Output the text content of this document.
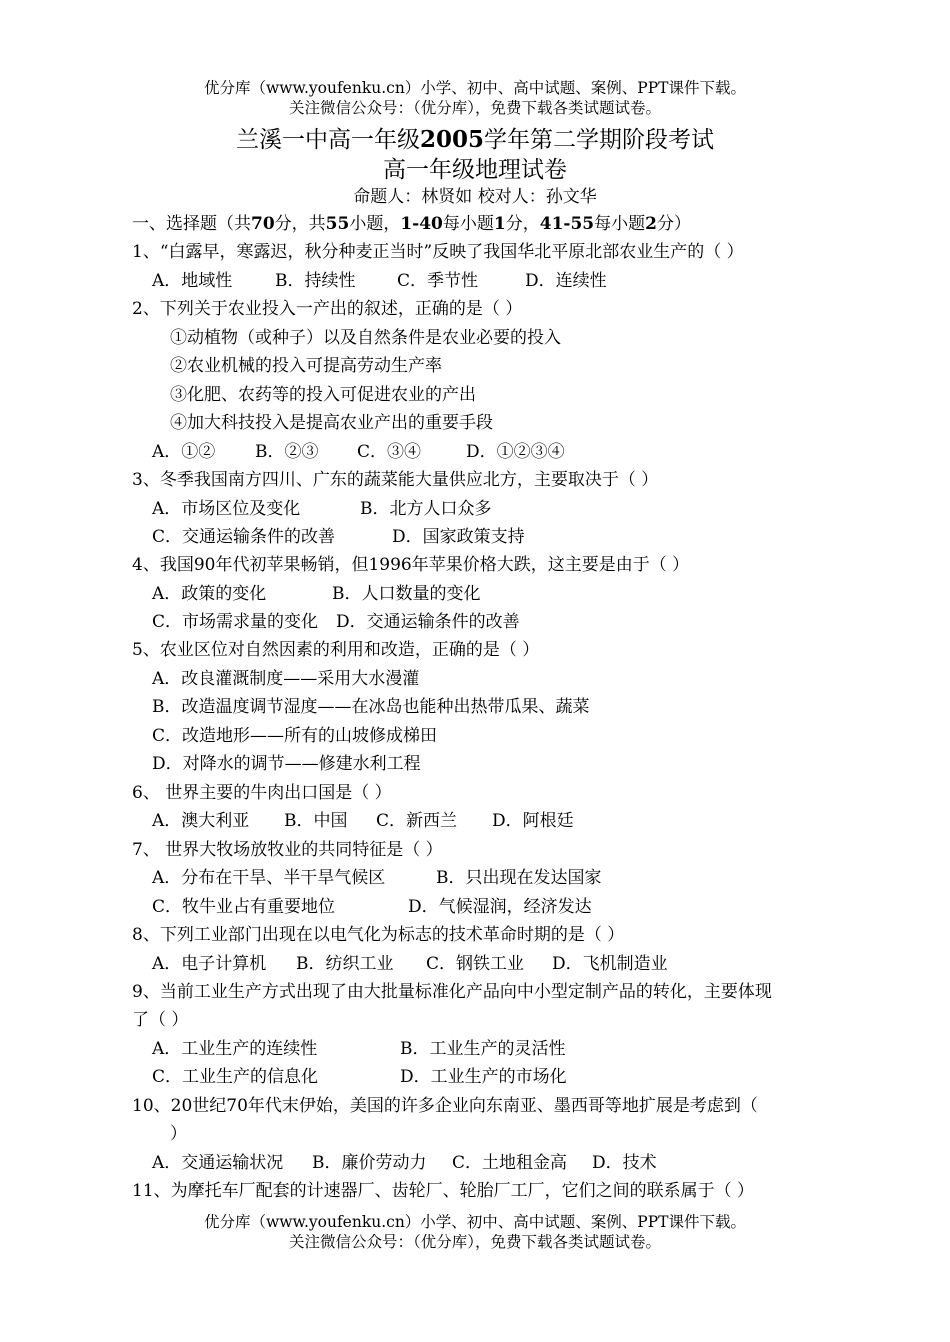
优分库（www.youfenku.cn）小学、初中、高中试题、案例、PPT课件下载。
关注微信公众号：（优分库），免费下载各类试题试卷。
兰溪一中高一年级2005学年第二学期阶段考试
高一年级地理试卷
命题人：林贤如 校对人：孙文华
一、选择题（共70分，共55小题，1-40每小题1分，41-55每小题2分）
1、“白露早，寒露迟，秋分种麦正当时”反映了我国华北平原北部农业生产的（ ）
A．地域性	B．持续性 C．季节性	D．连续性
2、下列关于农业投入一产出的叙述，正确的是（ ）
①动植物（或种子）以及自然条件是农业必要的投入
②农业机械的投入可提高劳动生产率
③化肥、农药等的投入可促进农业的产出
④加大科技投入是提高农业产出的重要手段
A．①② B．②③ C．③④	D．①②③④
3、冬季我国南方四川、广东的蔬菜能大量供应北方，主要取决于（ ）
A．市场区位及变化	B．北方人口众多
C．交通运输条件的改善	D．国家政策支持
4、我国90年代初苹果畅销，但1996年苹果价格大跌，这主要是由于（ ）
A．政策的变化	B．人口数量的变化
C．市场需求量的变化 D．交通运输条件的改善
5、农业区位对自然因素的利用和改造，正确的是（ ）
A．改良灌溉制度——采用大水漫灌
B．改造温度调节湿度——在冰岛也能种出热带瓜果、蔬菜
C．改造地形——所有的山坡修成梯田
D．对降水的调节——修建水利工程
6、 世界主要的牛肉出口国是（ ）
A．澳大利亚 B．中国 C．新西兰 D．阿根廷
7、 世界大牧场放牧业的共同特征是（ ）
A．分布在干旱、半干旱气候区	B．只出现在发达国家
C．牧牛业占有重要地位	D．气候湿润，经济发达
8、下列工业部门出现在以电气化为标志的技术革命时期的是（ ）
A．电子计算机 B．纺织工业 C．钢铁工业 D．飞机制造业
9、当前工业生产方式出现了由大批量标准化产品向中小型定制产品的转化，主要体现
了（ ）
A．工业生产的连续性	B．工业生产的灵活性
C．工业生产的信息化	D．工业生产的市场化
10、20世纪70年代末伊始，美国的许多企业向东南亚、墨西哥等地扩展是考虑到（
）
A．交通运输状况 B．廉价劳动力 C．土地租金高 D．技术
11、为摩托车厂配套的计速器厂、齿轮厂、轮胎厂工厂，它们之间的联系属于（ ）
优分库（www.youfenku.cn）小学、初中、高中试题、案例、PPT课件下载。
关注微信公众号：（优分库），免费下载各类试题试卷。
